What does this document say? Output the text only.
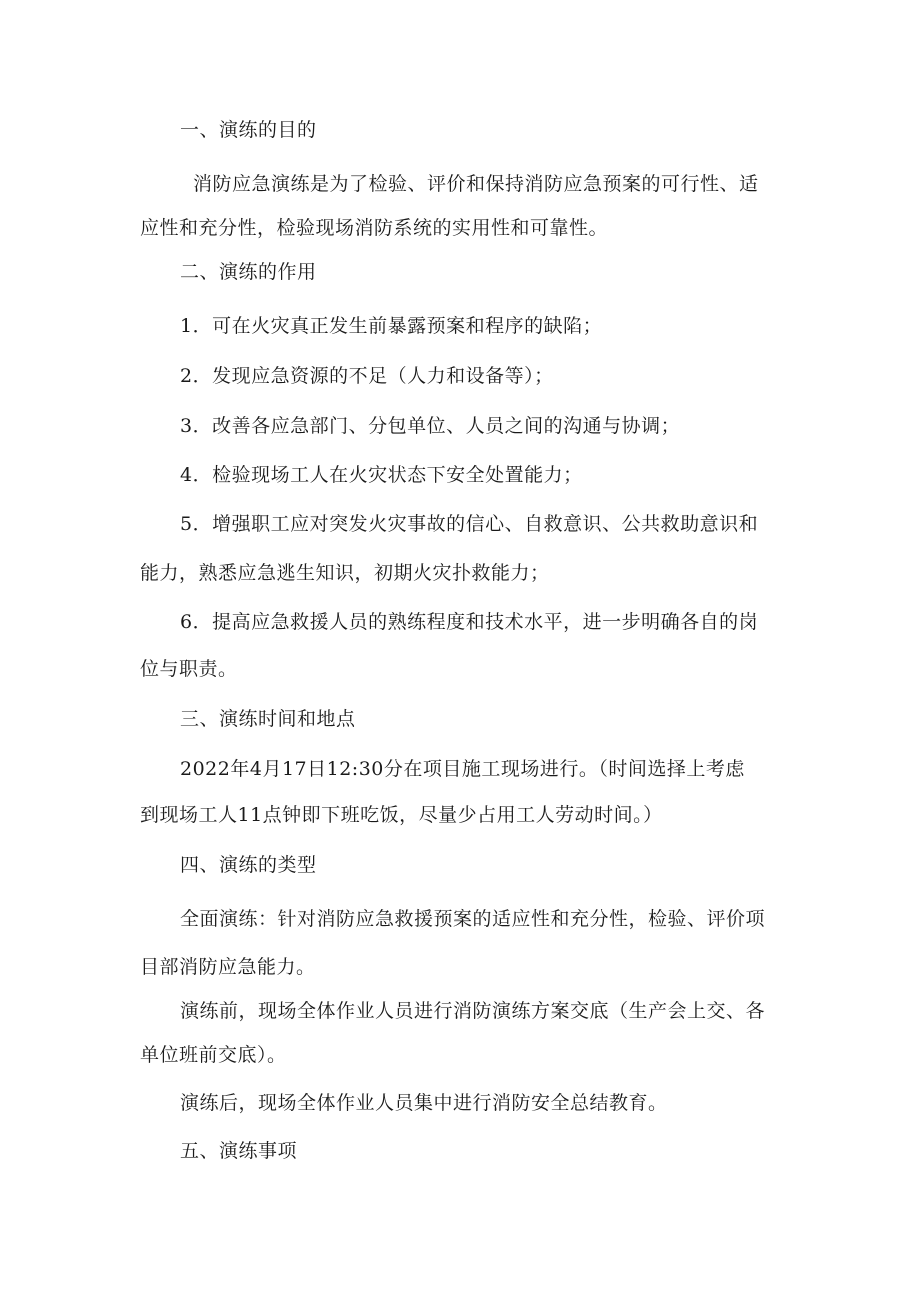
一、演练的目的
消防应急演练是为了检验、评价和保持消防应急预案的可行性、适
应性和充分性，检验现场消防系统的实用性和可靠性。
二、演练的作用
1．可在火灾真正发生前暴露预案和程序的缺陷；
2．发现应急资源的不足（人力和设备等）；
3．改善各应急部门、分包单位、人员之间的沟通与协调；
4．检验现场工人在火灾状态下安全处置能力；
5．增强职工应对突发火灾事故的信心、自救意识、公共救助意识和
能力，熟悉应急逃生知识，初期火灾扑救能力；
6．提高应急救援人员的熟练程度和技术水平，进一步明确各自的岗
位与职责。
三、演练时间和地点
2022年4月17日12:30分在项目施工现场进行。（时间选择上考虑
到现场工人11点钟即下班吃饭，尽量少占用工人劳动时间。）
四、演练的类型
全面演练：针对消防应急救援预案的适应性和充分性，检验、评价项
目部消防应急能力。
演练前，现场全体作业人员进行消防演练方案交底（生产会上交、各
单位班前交底）。
演练后，现场全体作业人员集中进行消防安全总结教育。
五、演练事项
